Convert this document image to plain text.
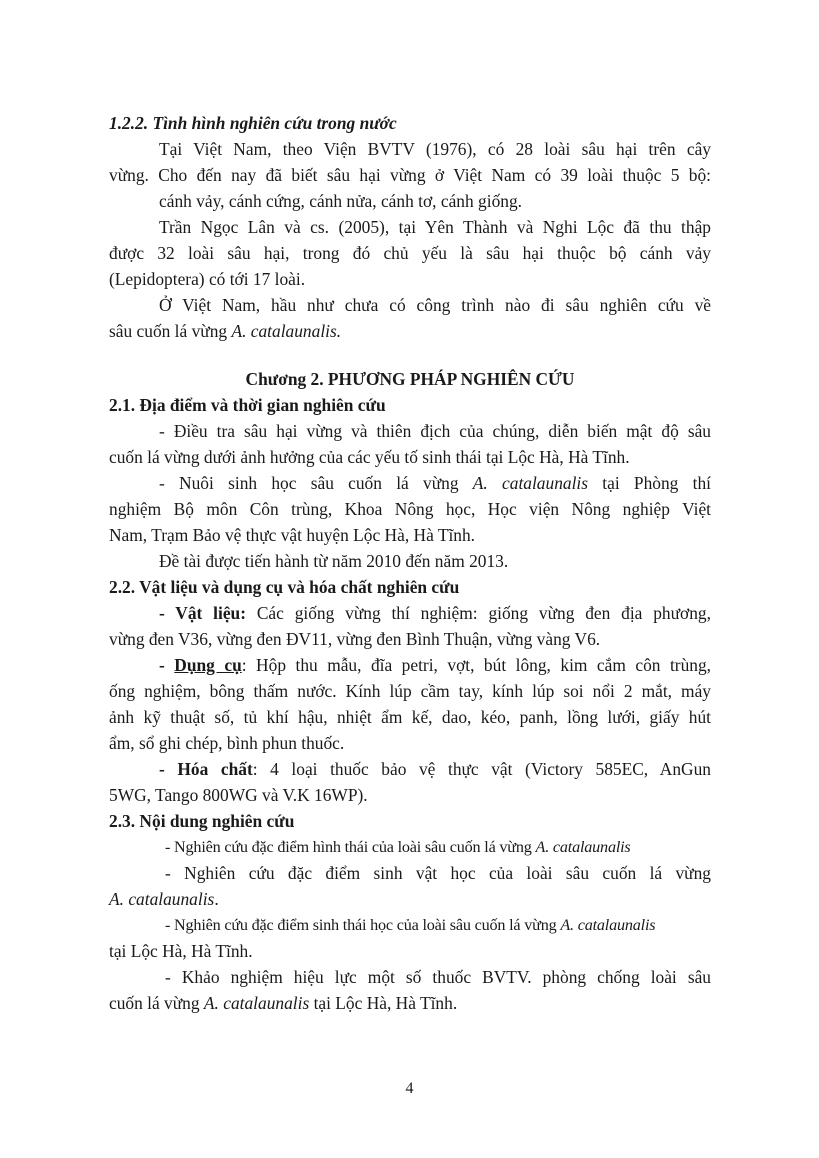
1.2.2. Tình hình nghiên cứu trong nước
Tại Việt Nam, theo Viện BVTV (1976), có 28 loài sâu hại trên cây
vừng. Cho đến nay đã biết sâu hại vừng ở Việt Nam có 39 loài thuộc 5 bộ:
cánh vảy, cánh cứng, cánh nửa, cánh tơ, cánh giống.
Trần Ngọc Lân và cs. (2005), tại Yên Thành và Nghi Lộc đã thu thập
được 32 loài sâu hại, trong đó chủ yếu là sâu hại thuộc bộ cánh vảy
(Lepidoptera) có tới 17 loài.
Ở Việt Nam, hầu như chưa có công trình nào đi sâu nghiên cứu về
sâu cuốn lá vừng A. catalaunalis.
Chương 2. PHƯƠNG PHÁP NGHIÊN CỨU
2.1. Địa điểm và thời gian nghiên cứu
- Điều tra sâu hại vừng và thiên địch của chúng, diễn biến mật độ sâu
cuốn lá vừng dưới ảnh hưởng của các yếu tố sinh thái tại Lộc Hà, Hà Tĩnh.
- Nuôi sinh học sâu cuốn lá vừng A. catalaunalis tại Phòng thí
nghiệm Bộ môn Côn trùng, Khoa Nông học, Học viện Nông nghiệp Việt
Nam, Trạm Bảo vệ thực vật huyện Lộc Hà, Hà Tĩnh.
Đề tài được tiến hành từ năm 2010 đến năm 2013.
2.2. Vật liệu và dụng cụ và hóa chất nghiên cứu
- Vật liệu: Các giống vừng thí nghiệm: giống vừng đen địa phương,
vừng đen V36, vừng đen ĐV11, vừng đen Bình Thuận, vừng vàng V6.
- Dụng cụ: Hộp thu mẫu, đĩa petri, vợt, bút lông, kim cắm côn trùng,
ống nghiệm, bông thấm nước. Kính lúp cầm tay, kính lúp soi nổi 2 mắt, máy
ảnh kỹ thuật số, tủ khí hậu, nhiệt ẩm kế, dao, kéo, panh, lồng lưới, giấy hút
ẩm, sổ ghi chép, bình phun thuốc.
- Hóa chất: 4 loại thuốc bảo vệ thực vật (Victory 585EC, AnGun
5WG, Tango 800WG và V.K 16WP).
2.3. Nội dung nghiên cứu
- Nghiên cứu đặc điểm hình thái của loài sâu cuốn lá vừng A. catalaunalis
- Nghiên cứu đặc điểm sinh vật học của loài sâu cuốn lá vừng
A. catalaunalis.
- Nghiên cứu đặc điểm sinh thái học của loài sâu cuốn lá vừng A. catalaunalis
tại Lộc Hà, Hà Tĩnh.
- Khảo nghiệm hiệu lực một số thuốc BVTV. phòng chống loài sâu
cuốn lá vừng A. catalaunalis tại Lộc Hà, Hà Tĩnh.
4
